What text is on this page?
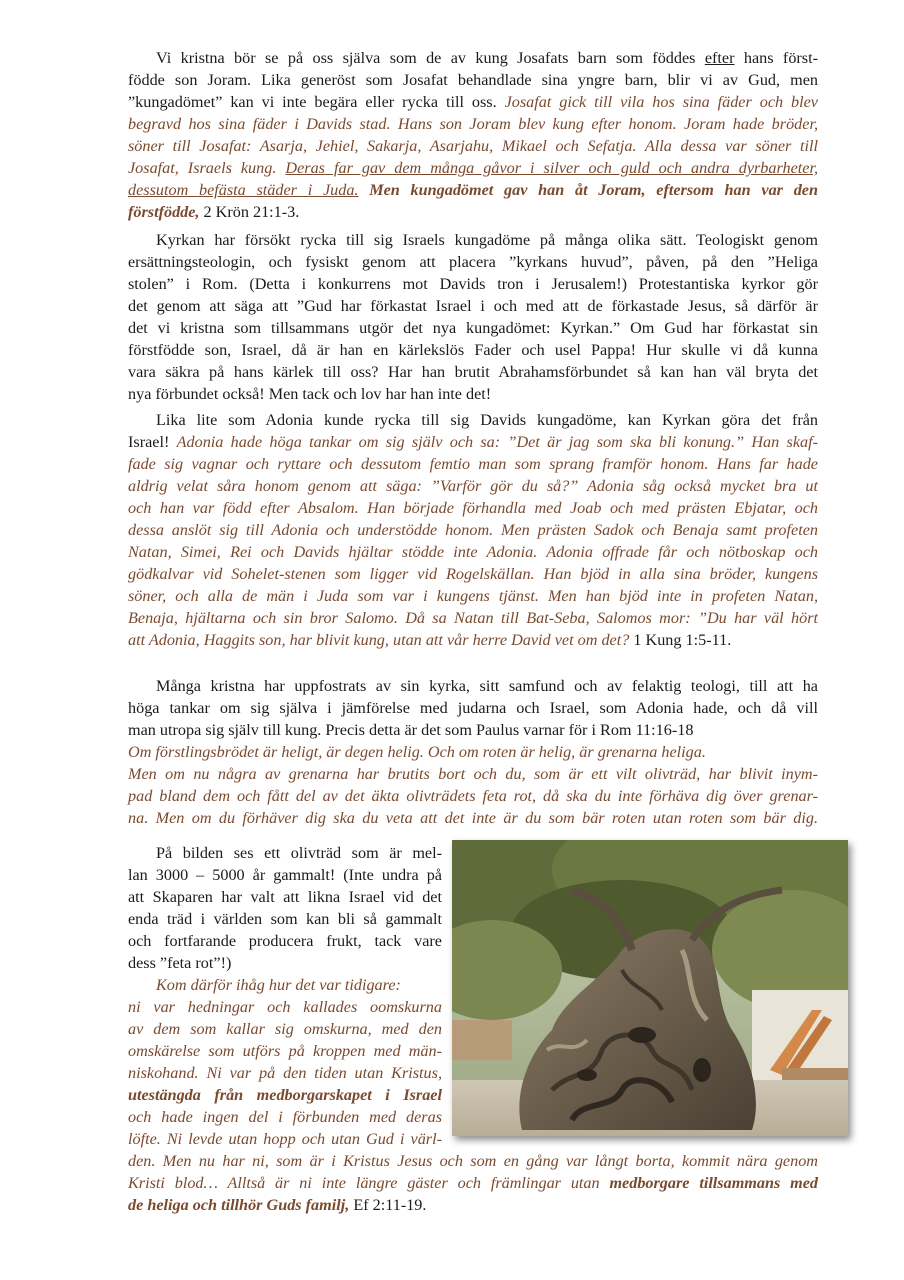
Vi kristna bör se på oss själva som de av kung Josafats barn som föddes efter hans först-
födde son Joram. Lika generöst som Josafat behandlade sina yngre barn, blir vi av Gud, men
”kungadömet” kan vi inte begära eller rycka till oss. Josafat gick till vila hos sina fäder och blev
begravd hos sina fäder i Davids stad. Hans son Joram blev kung efter honom. Joram hade bröder,
söner till Josafat: Asarja, Jehiel, Sakarja, Asarjahu, Mikael och Sefatja. Alla dessa var söner till
Josafat, Israels kung. Deras far gav dem många gåvor i silver och guld och andra dyrbarheter,
dessutom befästa städer i Juda. Men kungadömet gav han åt Joram, eftersom han var den
förstfödde, 2 Krön 21:1-3.

Kyrkan har försökt rycka till sig Israels kungadöme på många olika sätt. Teologiskt genom
ersättningsteologin, och fysiskt genom att placera ”kyrkans huvud”, påven, på den ”Heliga
stolen” i Rom. (Detta i konkurrens mot Davids tron i Jerusalem!) Protestantiska kyrkor gör
det genom att säga att ”Gud har förkastat Israel i och med att de förkastade Jesus, så därför är
det vi kristna som tillsammans utgör det nya kungadömet: Kyrkan.” Om Gud har förkastat sin
förstfödde son, Israel, då är han en kärlekslös Fader och usel Pappa! Hur skulle vi då kunna
vara säkra på hans kärlek till oss? Har han brutit Abrahamsförbundet så kan han väl bryta det
nya förbundet också! Men tack och lov har han inte det!

Lika lite som Adonia kunde rycka till sig Davids kungadöme, kan Kyrkan göra det från
Israel! Adonia hade höga tankar om sig själv och sa: ”Det är jag som ska bli konung.” Han skaf-
fade sig vagnar och ryttare och dessutom femtio man som sprang framför honom. Hans far hade
aldrig velat såra honom genom att säga: ”Varför gör du så?” Adonia såg också mycket bra ut
och han var född efter Absalom. Han började förhandla med Joab och med prästen Ebjatar, och
dessa anslöt sig till Adonia och understödde honom. Men prästen Sadok och Benaja samt profeten
Natan, Simei, Rei och Davids hjältar stödde inte Adonia. Adonia offrade får och nötboskap och
gödkalvar vid Sohelet-stenen som ligger vid Rogelskällan. Han bjöd in alla sina bröder, kungens
söner, och alla de män i Juda som var i kungens tjänst. Men han bjöd inte in profeten Natan,
Benaja, hjältarna och sin bror Salomo. Då sa Natan till Bat-Seba, Salomos mor: ”Du har väl hört
att Adonia, Haggits son, har blivit kung, utan att vår herre David vet om det? 1 Kung 1:5-11.

Många kristna har uppfostrats av sin kyrka, sitt samfund och av felaktig teologi, till att ha
höga tankar om sig själva i jämförelse med judarna och Israel, som Adonia hade, och då vill
man utropa sig själv till kung. Precis detta är det som Paulus varnar för i Rom 11:16-18
Om förstlingsbrödet är heligt, är degen helig. Och om roten är helig, är grenarna heliga.
Men om nu några av grenarna har brutits bort och du, som är ett vilt olivträd, har blivit inym-
pad bland dem och fått del av det äkta olivträdets feta rot, då ska du inte förhäva dig över grenar-
na. Men om du förhäver dig ska du veta att det inte är du som bär roten utan roten som bär dig.

På bilden ses ett olivträd som är mel-
lan 3000 – 5000 år gammalt! (Inte undra på
att Skaparen har valt att likna Israel vid det
enda träd i världen som kan bli så gammalt
och fortfarande producera frukt, tack vare
dess ”feta rot”!)

Kom därför ihåg hur det var tidigare:
ni var hedningar och kallades oomskurna
av dem som kallar sig omskurna, med den
omskärelse som utförs på kroppen med män-
niskohand. Ni var på den tiden utan Kristus,
utestängda från medborgarskapet i Israel
och hade ingen del i förbunden med deras
löfte. Ni levde utan hopp och utan Gud i värl-
den. Men nu har ni, som är i Kristus Jesus och som en gång var långt borta, kommit nära genom
Kristi blod… Alltså är ni inte längre gäster och främlingar utan medborgare tillsammans med
de heliga och tillhör Guds familj, Ef 2:11-19.
